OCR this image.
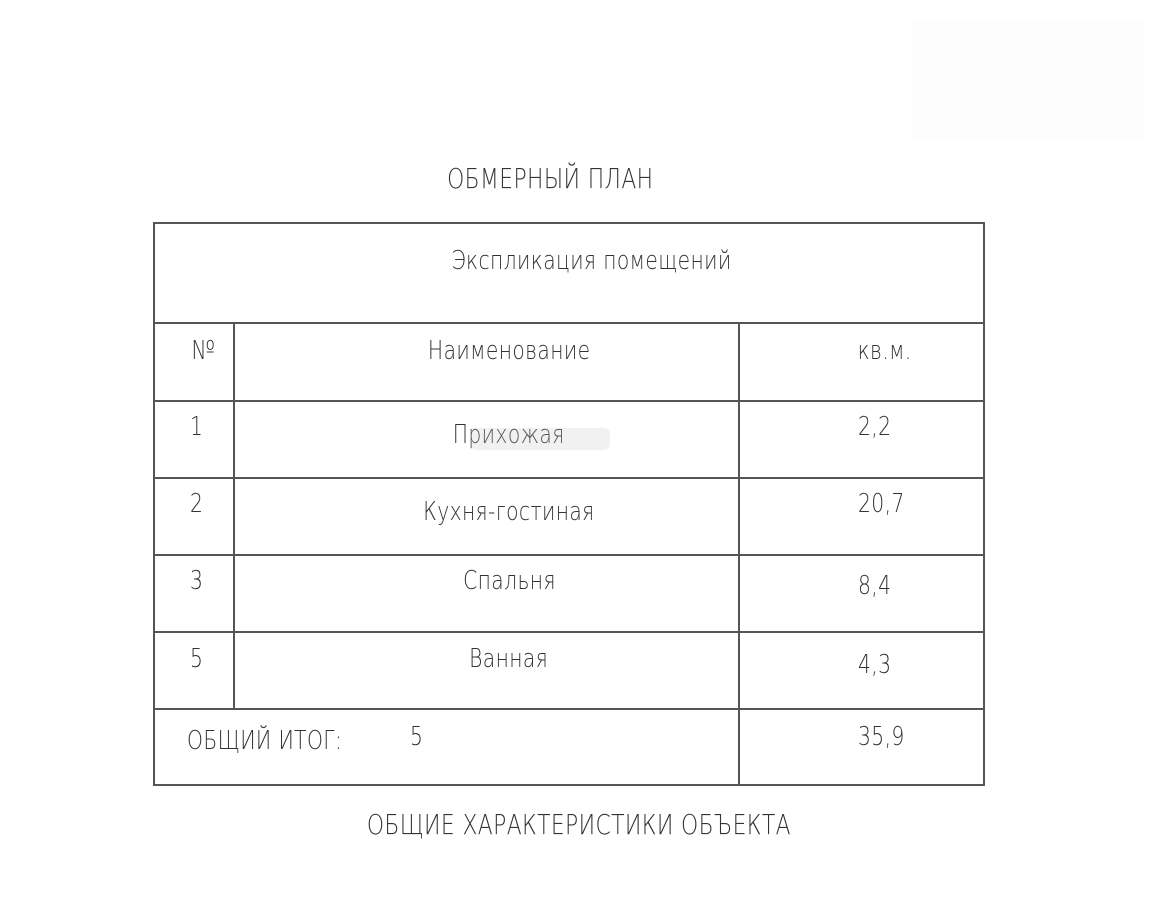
ОБМЕРНЫЙ ПЛАН
Экспликация помещений
№	Наименование	кв.м.
1	Прихожая	2,2
2	Кухня-гостиная	20,7
3	Спальня	8,4
5	Ванная	4,3
ОБЩИЙ ИТОГ:	5	35,9
ОБЩИЕ ХАРАКТЕРИСТИКИ ОБЪЕКТА
